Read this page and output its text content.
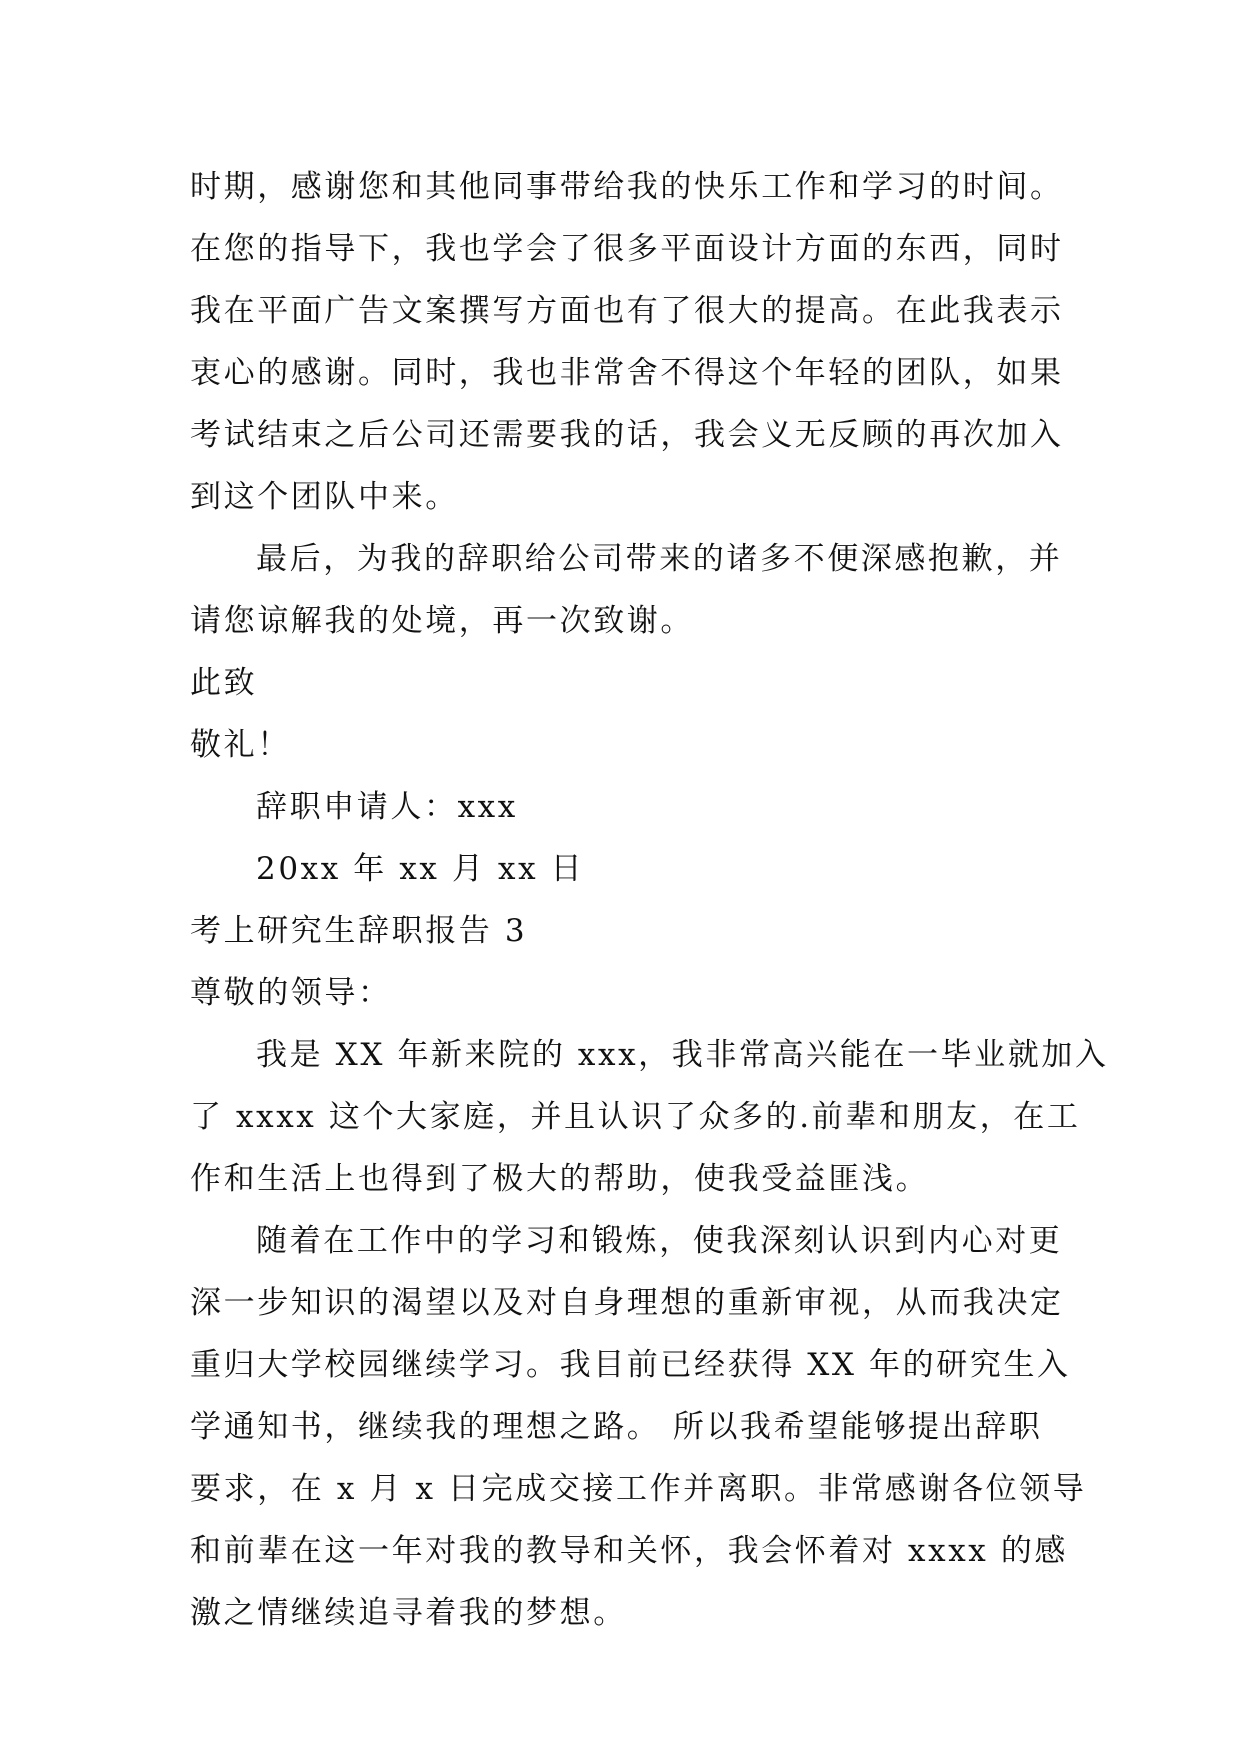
时期，感谢您和其他同事带给我的快乐工作和学习的时间。
在您的指导下，我也学会了很多平面设计方面的东西，同时
我在平面广告文案撰写方面也有了很大的提高。在此我表示
衷心的感谢。同时，我也非常舍不得这个年轻的团队，如果
考试结束之后公司还需要我的话，我会义无反顾的再次加入
到这个团队中来。
最后，为我的辞职给公司带来的诸多不便深感抱歉，并
请您谅解我的处境，再一次致谢。
此致
敬礼！
辞职申请人：xxx
20xx 年 xx 月 xx 日
考上研究生辞职报告 3
尊敬的领导：
我是 XX 年新来院的 xxx，我非常高兴能在一毕业就加入
了 xxxx 这个大家庭，并且认识了众多的.前辈和朋友，在工
作和生活上也得到了极大的帮助，使我受益匪浅。
随着在工作中的学习和锻炼，使我深刻认识到内心对更
深一步知识的渴望以及对自身理想的重新审视，从而我决定
重归大学校园继续学习。我目前已经获得 XX 年的研究生入
学通知书，继续我的理想之路。 所以我希望能够提出辞职
要求，在 x 月 x 日完成交接工作并离职。非常感谢各位领导
和前辈在这一年对我的教导和关怀，我会怀着对 xxxx 的感
激之情继续追寻着我的梦想。
